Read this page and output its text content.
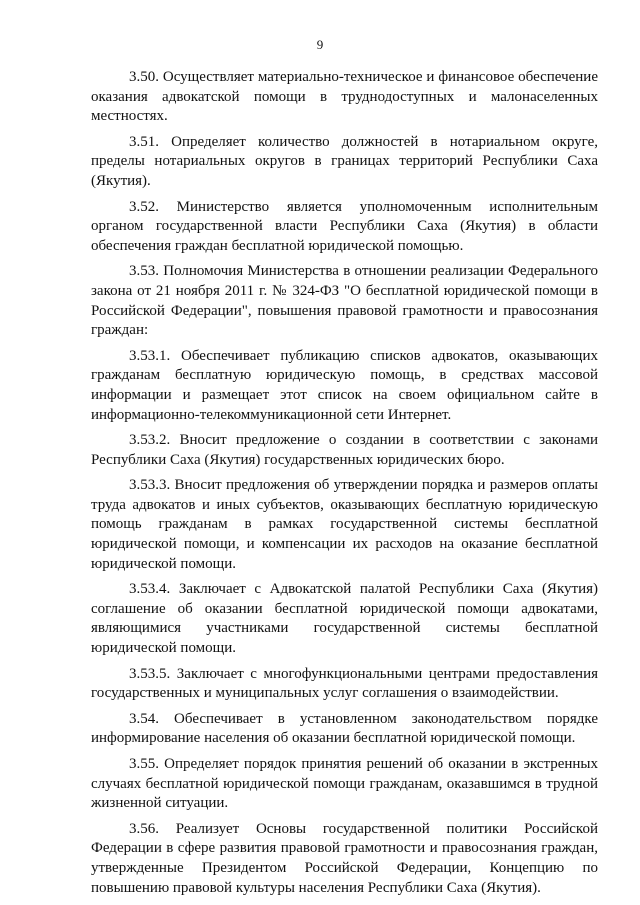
9

3.50. Осуществляет материально-техническое и финансовое обеспечение оказания адвокатской помощи в труднодоступных и малонаселенных местностях.

3.51. Определяет количество должностей в нотариальном округе, пределы нотариальных округов в границах территорий Республики Саха (Якутия).

3.52. Министерство является уполномоченным исполнительным органом государственной власти Республики Саха (Якутия) в области обеспечения граждан бесплатной юридической помощью.

3.53. Полномочия Министерства в отношении реализации Федерального закона от 21 ноября 2011 г. № 324-ФЗ "О бесплатной юридической помощи в Российской Федерации", повышения правовой грамотности и правосознания граждан:

3.53.1. Обеспечивает публикацию списков адвокатов, оказывающих гражданам бесплатную юридическую помощь, в средствах массовой информации и размещает этот список на своем официальном сайте в информационно-телекоммуникационной сети Интернет.

3.53.2. Вносит предложение о создании в соответствии с законами Республики Саха (Якутия) государственных юридических бюро.

3.53.3. Вносит предложения об утверждении порядка и размеров оплаты труда адвокатов и иных субъектов, оказывающих бесплатную юридическую помощь гражданам в рамках государственной системы бесплатной юридической помощи, и компенсации их расходов на оказание бесплатной юридической помощи.

3.53.4. Заключает с Адвокатской палатой Республики Саха (Якутия) соглашение об оказании бесплатной юридической помощи адвокатами, являющимися участниками государственной системы бесплатной юридической помощи.

3.53.5. Заключает с многофункциональными центрами предоставления государственных и муниципальных услуг соглашения о взаимодействии.

3.54. Обеспечивает в установленном законодательством порядке информирование населения об оказании бесплатной юридической помощи.

3.55. Определяет порядок принятия решений об оказании в экстренных случаях бесплатной юридической помощи гражданам, оказавшимся в трудной жизненной ситуации.

3.56. Реализует Основы государственной политики Российской Федерации в сфере развития правовой грамотности и правосознания граждан, утвержденные Президентом Российской Федерации, Концепцию по повышению правовой культуры населения Республики Саха (Якутия).
